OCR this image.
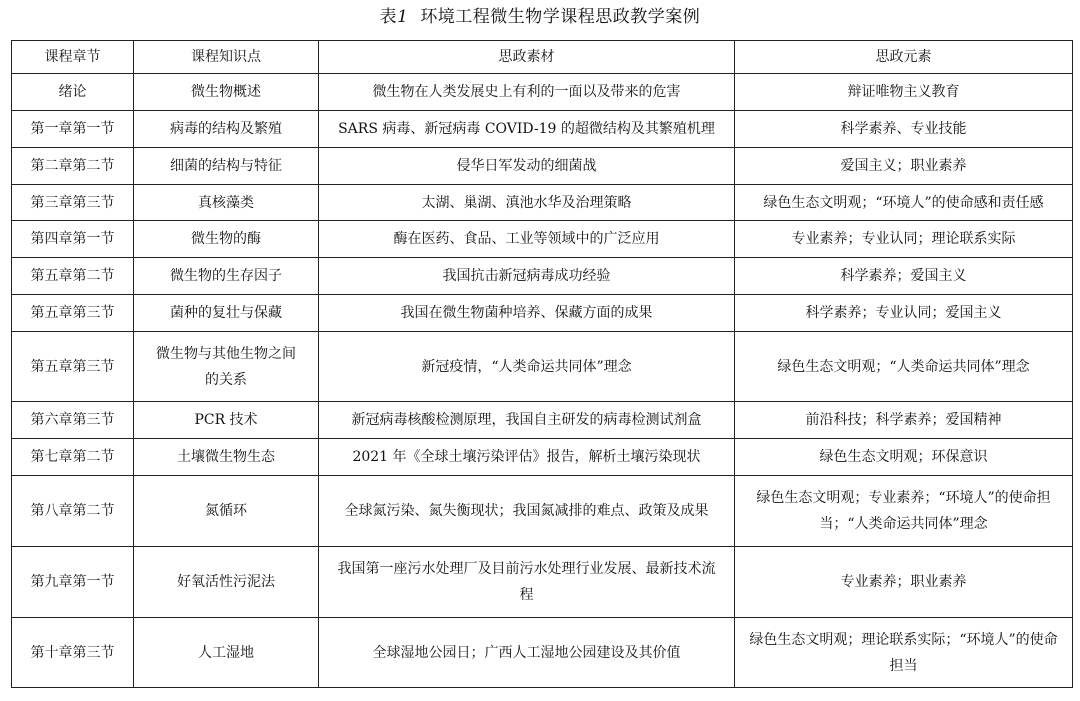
表1 环境工程微生物学课程思政教学案例
课程章节	课程知识点	思政素材	思政元素
绪论	微生物概述	微生物在人类发展史上有利的一面以及带来的危害	辩证唯物主义教育
第一章第一节	病毒的结构及繁殖	SARS 病毒、新冠病毒 COVID-19 的超微结构及其繁殖机理	科学素养、专业技能
第二章第二节	细菌的结构与特征	侵华日军发动的细菌战	爱国主义；职业素养
第三章第三节	真核藻类	太湖、巢湖、滇池水华及治理策略	绿色生态文明观；“环境人”的使命感和责任感
第四章第一节	微生物的酶	酶在医药、食品、工业等领域中的广泛应用	专业素养；专业认同；理论联系实际
第五章第二节	微生物的生存因子	我国抗击新冠病毒成功经验	科学素养；爱国主义
第五章第三节	菌种的复壮与保藏	我国在微生物菌种培养、保藏方面的成果	科学素养；专业认同；爱国主义
第五章第三节	微生物与其他生物之间的关系	新冠疫情，“人类命运共同体”理念	绿色生态文明观；“人类命运共同体”理念
第六章第三节	PCR 技术	新冠病毒核酸检测原理，我国自主研发的病毒检测试剂盒	前沿科技；科学素养；爱国精神
第七章第二节	土壤微生物生态	2021 年《全球土壤污染评估》报告，解析土壤污染现状	绿色生态文明观；环保意识
第八章第二节	氮循环	全球氮污染、氮失衡现状；我国氮减排的难点、政策及成果	绿色生态文明观；专业素养；“环境人”的使命担当；“人类命运共同体”理念
第九章第一节	好氧活性污泥法	我国第一座污水处理厂及目前污水处理行业发展、最新技术流程	专业素养；职业素养
第十章第三节	人工湿地	全球湿地公园日；广西人工湿地公园建设及其价值	绿色生态文明观；理论联系实际；“环境人”的使命担当
